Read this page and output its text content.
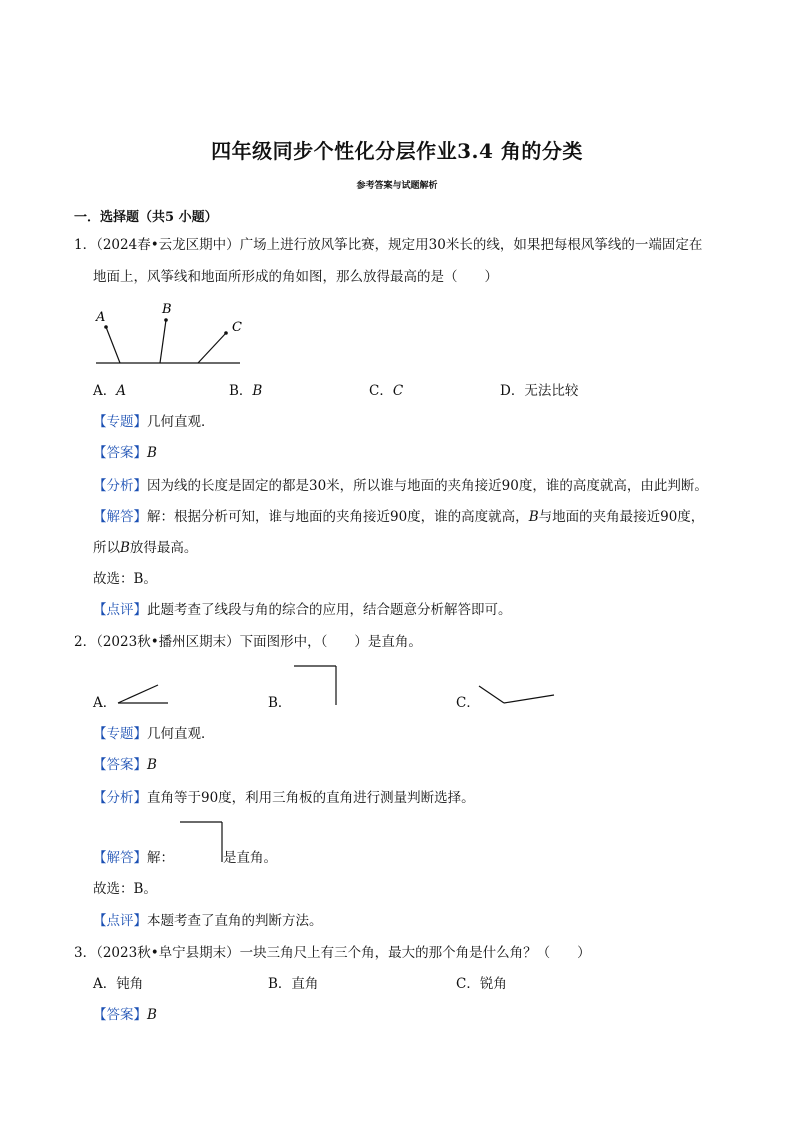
四年级同步个性化分层作业3.4 角的分类
参考答案与试题解析
一．选择题（共5 小题）
1．（2024春•云龙区期中）广场上进行放风筝比赛，规定用30米长的线，如果把每根风筝线的一端固定在
地面上，风筝线和地面所形成的角如图，那么放得最高的是（　　）
A
B
C
A．A	B．B	C．C	D．无法比较
【专题】几何直观．
【答案】B
【分析】因为线的长度是固定的都是30米，所以谁与地面的夹角接近90度，谁的高度就高，由此判断。
【解答】解：根据分析可知，谁与地面的夹角接近90度，谁的高度就高，B与地面的夹角最接近90度，
所以B放得最高。
故选：B。
【点评】此题考查了线段与角的综合的应用，结合题意分析解答即可。
2．（2023秋•播州区期末）下面图形中，（　　）是直角。
A．	B．	C．
【专题】几何直观．
【答案】B
【分析】直角等于90度，利用三角板的直角进行测量判断选择。
【解答】解：	是直角。
故选：B。
【点评】本题考查了直角的判断方法。
3．（2023秋•阜宁县期末）一块三角尺上有三个角，最大的那个角是什么角？（　　）
A．钝角	B．直角	C．锐角
【答案】B
